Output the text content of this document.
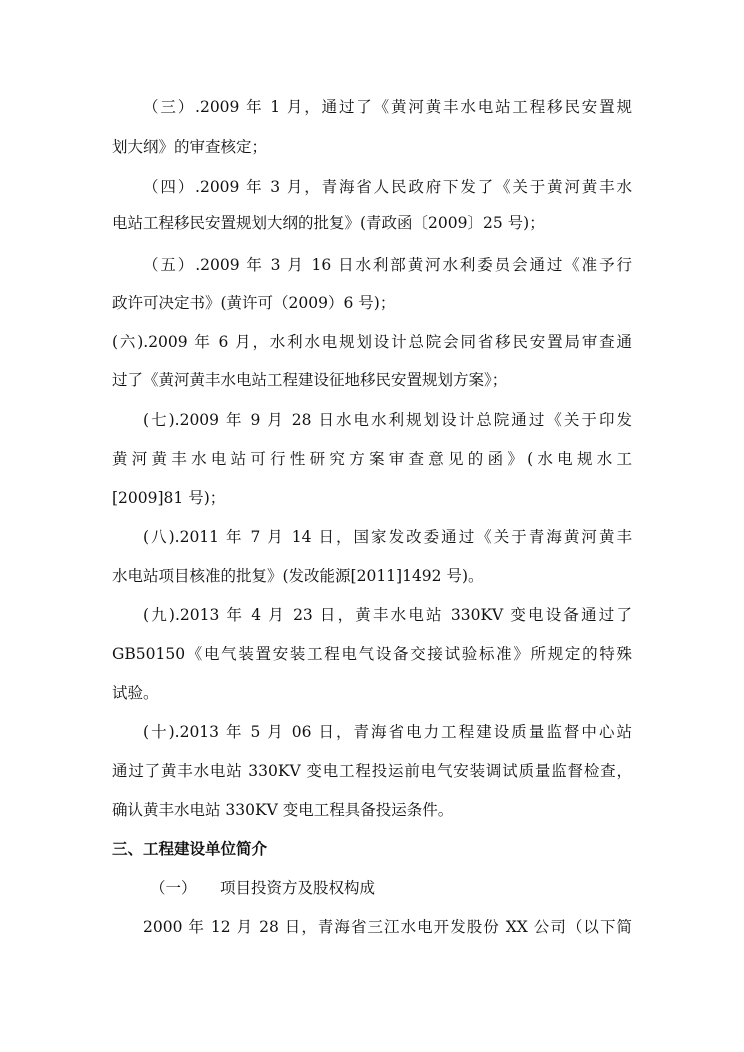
（三）.2009 年 1 月，通过了《黄河黄丰水电站工程移民安置规
划大纲》的审查核定；
（四）.2009 年 3 月，青海省人民政府下发了《关于黄河黄丰水
电站工程移民安置规划大纲的批复》(青政函〔2009〕25 号)；
（五）.2009 年 3 月 16 日水利部黄河水利委员会通过《准予行
政许可决定书》(黄许可（2009）6 号)；
(六).2009 年 6 月，水利水电规划设计总院会同省移民安置局审查通
过了《黄河黄丰水电站工程建设征地移民安置规划方案》；
(七).2009 年 9 月 28 日水电水利规划设计总院通过《关于印发
黄河黄丰水电站可行性研究方案审查意见的函》(水电规水工
[2009]81 号)；
(八).2011 年 7 月 14 日，国家发改委通过《关于青海黄河黄丰
水电站项目核准的批复》(发改能源[2011]1492 号)。
(九).2013 年 4 月 23 日，黄丰水电站 330KV 变电设备通过了
GB50150《电气装置安装工程电气设备交接试验标准》所规定的特殊
试验。
(十).2013 年 5 月 06 日，青海省电力工程建设质量监督中心站
通过了黄丰水电站 330KV 变电工程投运前电气安装调试质量监督检查，
确认黄丰水电站 330KV 变电工程具备投运条件。
三、工程建设单位简介
（一） 项目投资方及股权构成
2000 年 12 月 28 日，青海省三江水电开发股份 XX 公司（以下简
